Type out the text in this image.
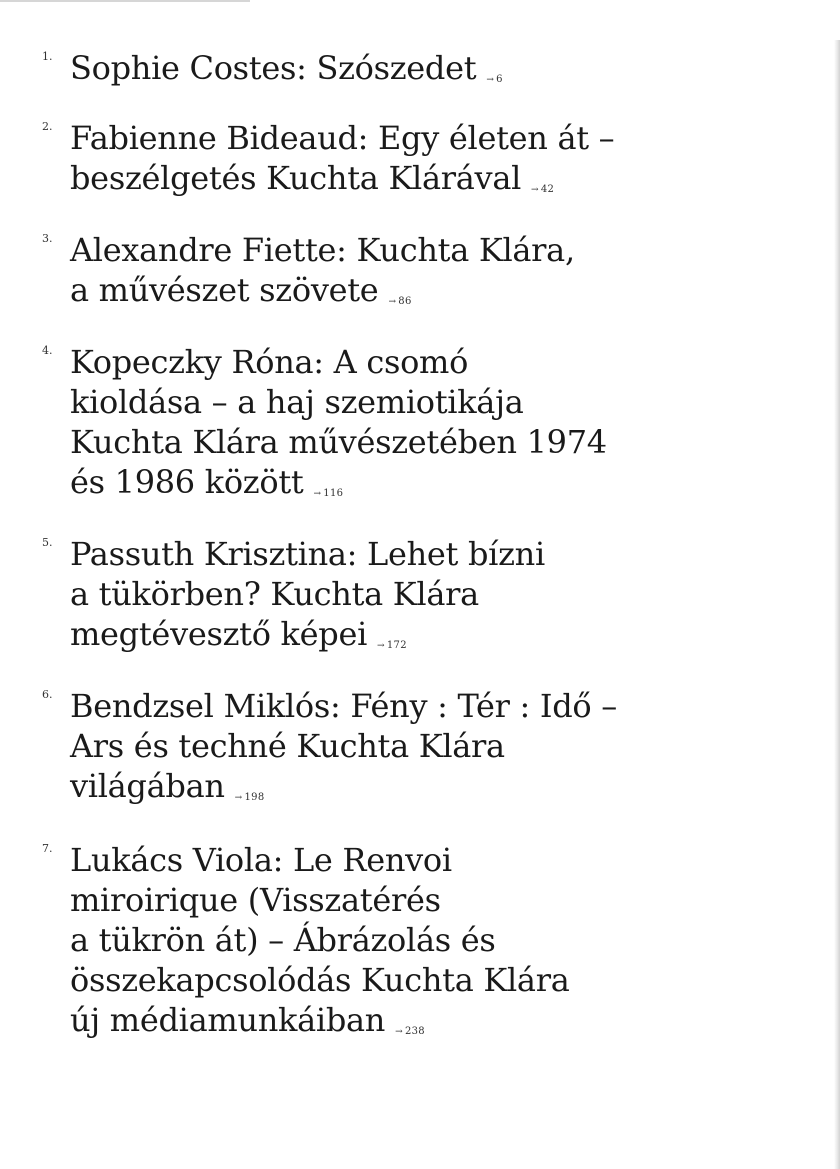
1. Sophie Costes: Szószedet → 6
2. Fabienne Bideaud: Egy életen át –
beszélgetés Kuchta Klárával → 42
3. Alexandre Fiette: Kuchta Klára,
a művészet szövete → 86
4. Kopeczky Róna: A csomó
kioldása – a haj szemiotikája
Kuchta Klára művészetében 1974
és 1986 között → 116
5. Passuth Krisztina: Lehet bízni
a tükörben? Kuchta Klára
megtévesztő képei → 172
6. Bendzsel Miklós: Fény : Tér : Idő –
Ars és techné Kuchta Klára
világában → 198
7. Lukács Viola: Le Renvoi
miroirique (Visszatérés
a tükrön át) – Ábrázolás és
összekapcsolódás Kuchta Klára
új médiamunkáiban → 238
